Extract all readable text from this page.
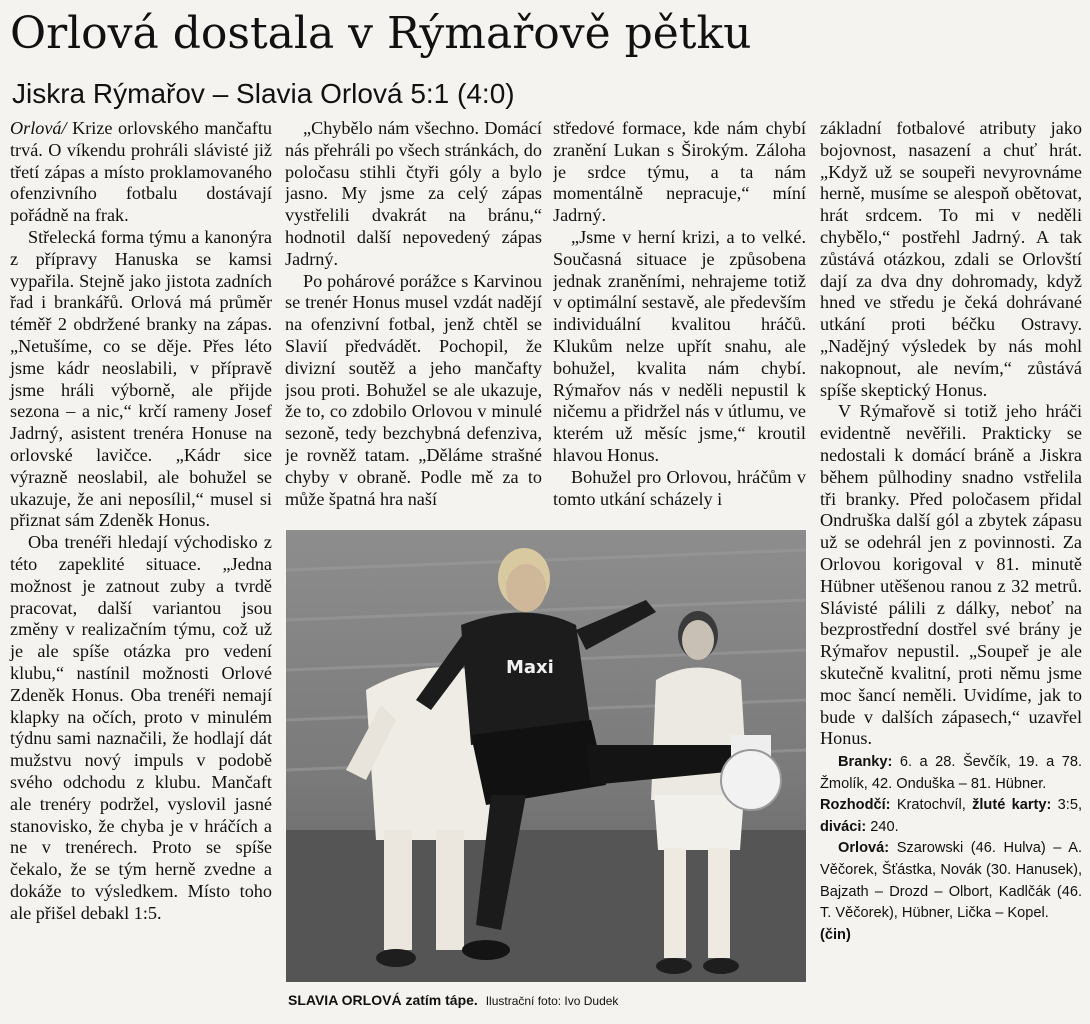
Orlová dostala v Rýmařově pětku
Jiskra Rýmařov – Slavia Orlová 5:1 (4:0)

Orlová/ Krize orlovského mančaftu trvá. O víkendu prohráli slávisté již třetí zápas a místo proklamovaného ofenzivního fotbalu dostávají pořádně na frak.

Střelecká forma týmu a kanonýra z přípravy Hanuska se kamsi vypařila. Stejně jako jistota zadních řad i brankářů. Orlová má průměr téměř 2 obdržené branky na zápas. „Netušíme, co se děje. Přes léto jsme kádr neoslabili, v přípravě jsme hráli výborně, ale přijde sezona – a nic,“ krčí rameny Josef Jadrný, asistent trenéra Honuse na orlovské lavičce. „Kádr sice výrazně neoslabil, ale bohužel se ukazuje, že ani neposílil,“ musel si přiznat sám Zdeněk Honus.

Oba trenéři hledají východisko z této zapeklité situace. „Jedna možnost je zatnout zuby a tvrdě pracovat, další variantou jsou změny v realizačním týmu, což už je ale spíše otázka pro vedení klubu,“ nastínil možnosti Orlové Zdeněk Honus. Oba trenéři nemají klapky na očích, proto v minulém týdnu sami naznačili, že hodlají dát mužstvu nový impuls v podobě svého odchodu z klubu. Mančaft ale trenéry podržel, vyslovil jasné stanovisko, že chyba je v hráčích a ne v trenérech. Proto se spíše čekalo, že se tým herně zvedne a dokáže to výsledkem. Místo toho ale přišel debakl 1:5.

„Chybělo nám všechno. Domácí nás přehráli po všech stránkách, do poločasu stihli čtyři góly a bylo jasno. My jsme za celý zápas vystřelili dvakrát na bránu,“ hodnotil další nepovedený zápas Jadrný.

Po pohárové porážce s Karvinou se trenér Honus musel vzdát nadějí na ofenzivní fotbal, jenž chtěl se Slavií předvádět. Pochopil, že divizní soutěž a jeho mančafty jsou proti. Bohužel se ale ukazuje, že to, co zdobilo Orlovou v minulé sezoně, tedy bezchybná defenziva, je rovněž tatam. „Děláme strašné chyby v obraně. Podle mě za to může špatná hra naší

středové formace, kde nám chybí zranění Lukan s Širokým. Záloha je srdce týmu, a ta nám momentálně nepracuje,“ míní Jadrný.

„Jsme v herní krizi, a to velké. Současná situace je způsobena jednak zraněními, nehrajeme totiž v optimální sestavě, ale především individuální kvalitou hráčů. Klukům nelze upřít snahu, ale bohužel, kvalita nám chybí. Rýmařov nás v neděli nepustil k ničemu a přidržel nás v útlumu, ve kterém už měsíc jsme,“ kroutil hlavou Honus.

Bohužel pro Orlovou, hráčům v tomto utkání scházely i

základní fotbalové atributy jako bojovnost, nasazení a chuť hrát. „Když už se soupeři nevyrovnáme herně, musíme se alespoň obětovat, hrát srdcem. To mi v neděli chybělo,“ postřehl Jadrný. A tak zůstává otázkou, zdali se Orlovští dají za dva dny dohromady, když hned ve středu je čeká dohrávané utkání proti béčku Ostravy. „Nadějný výsledek by nás mohl nakopnout, ale nevím,“ zůstává spíše skeptický Honus.

V Rýmařově si totiž jeho hráči evidentně nevěřili. Prakticky se nedostali k domácí bráně a Jiskra během půlhodiny snadno vstřelila tři branky. Před poločasem přidal Ondruška další gól a zbytek zápasu už se odehrál jen z povinnosti. Za Orlovou korigoval v 81. minutě Hübner utěšenou ranou z 32 metrů. Slávisté pálili z dálky, neboť na bezprostřední dostřel své brány je Rýmařov nepustil. „Soupeř je ale skutečně kvalitní, proti němu jsme moc šancí neměli. Uvidíme, jak to bude v dalších zápasech,“ uzavřel Honus.

Branky: 6. a 28. Ševčík, 19. a 78. Žmolík, 42. Onduška – 81. Hübner.

Rozhodčí: Kratochvíl, žluté karty: 3:5, diváci: 240.

Orlová: Szarowski (46. Hulva) – A. Věčorek, Šťástka, Novák (30. Hanusek), Bajzath – Drozd – Olbort, Kadlčák (46. T. Věčorek), Hübner, Lička – Kopel.

(čin)

Maxi
SLAVIA ORLOVÁ zatím tápe. Ilustrační foto: Ivo Dudek
